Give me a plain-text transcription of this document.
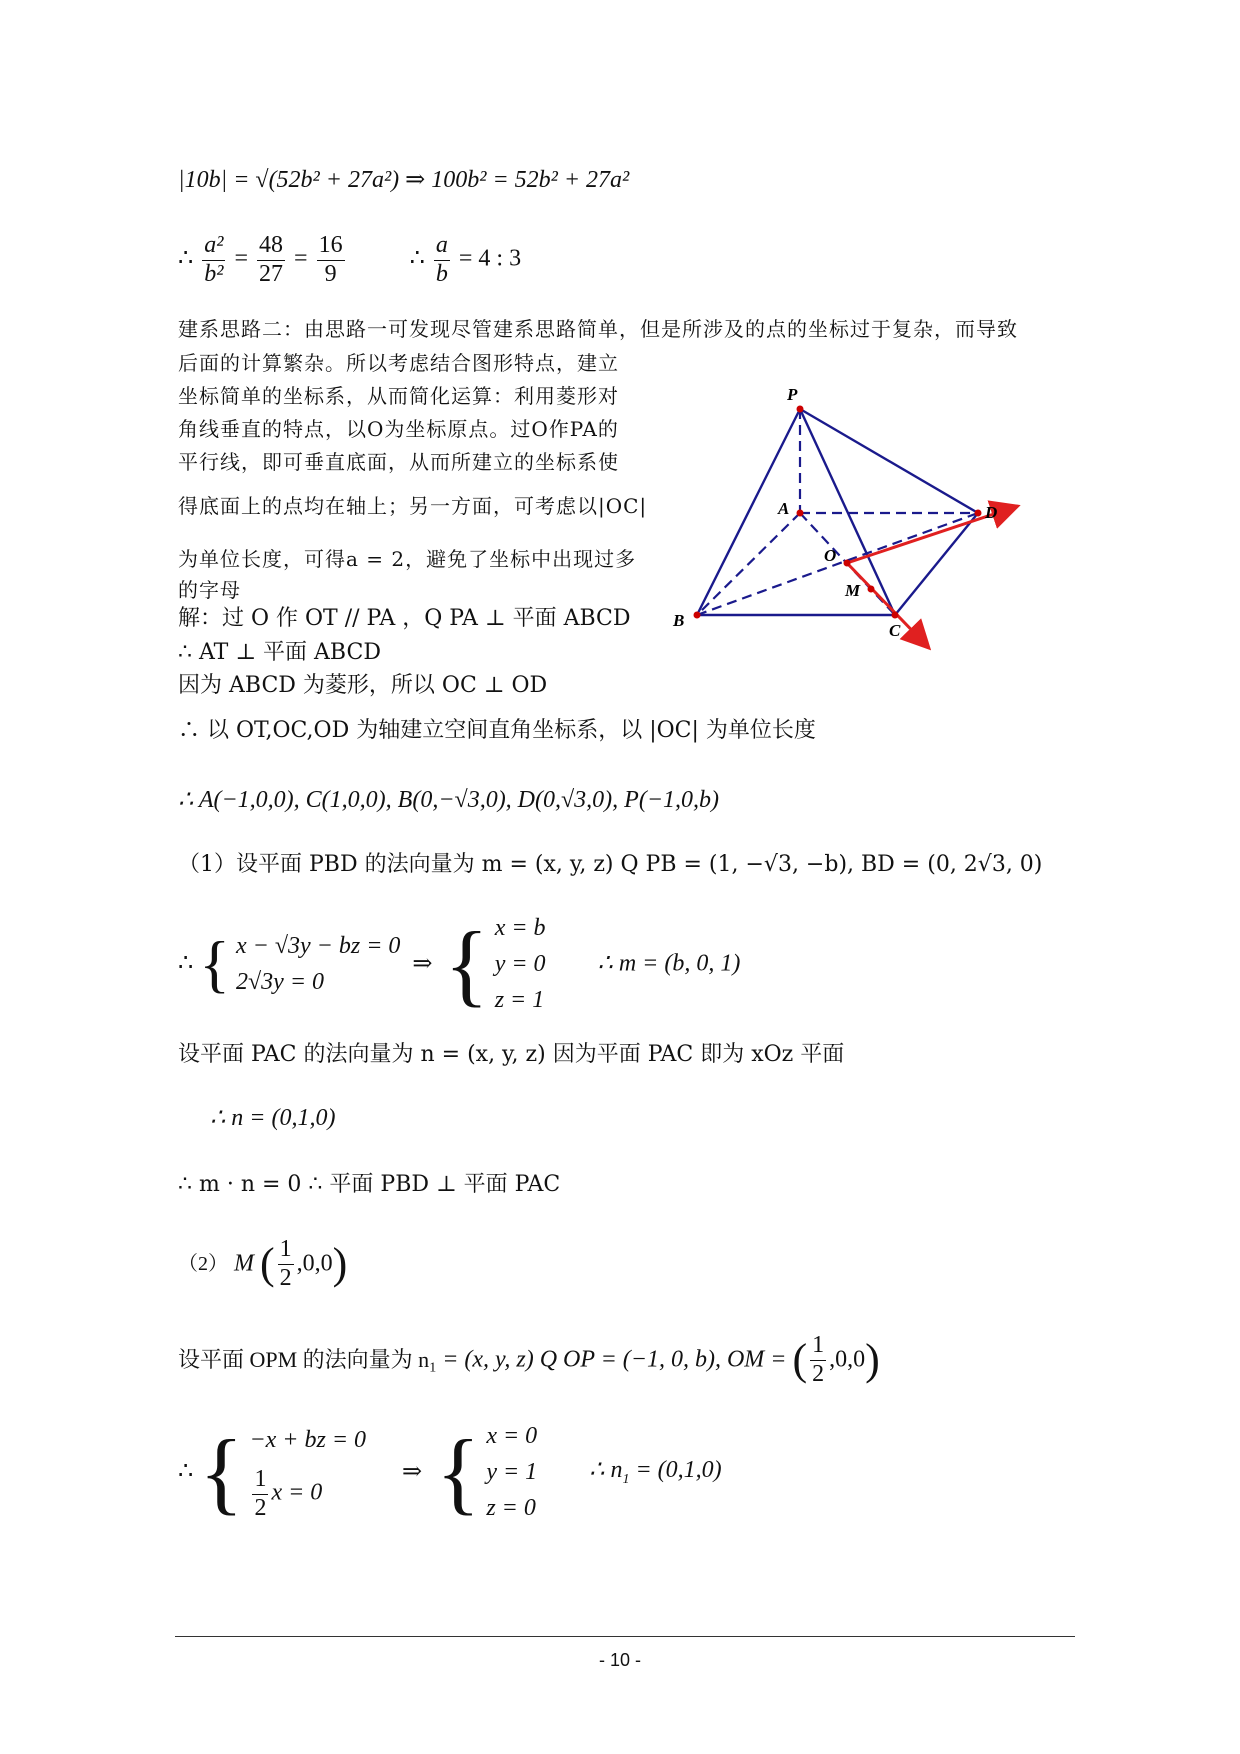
|10b| = √(52b² + 27a²) ⇒ 100b² = 52b² + 27a²
∴ $\frac{\text{a²}}{\text{b²}} = \frac{48}{27} = \frac{16}{9}$	∴ $\frac{a}{b} = 4$ : 3
建系思路二：由思路一可发现尽管建系思路简单，但是所涉及的点的坐标过于复杂，而导致
后面的计算繁杂。所以考虑结合图形特点，建立
坐标简单的坐标系，从而简化运算：利用菱形对
角线垂直的特点，以O为坐标原点。过O作PA的
平行线，即可垂直底面，从而所建立的坐标系使
得底面上的点均在轴上；另一方面，可考虑以|OC|
为单位长度，可得a = 2，避免了坐标中出现过多
的字母
解：过 O 作 OT // PA ，Q PA ⊥ 平面 ABCD
∴ AT ⊥ 平面 ABCD
因为 ABCD 为菱形，所以 OC ⊥ OD
∴ 以 OT,OC,OD 为轴建立空间直角坐标系，以 |OC| 为单位长度
∴ A(−1,0,0), C(1,0,0), B(0,−√3,0), D(0,√3,0), P(−1,0,b)
（1）设平面 PBD 的法向量为 m = (x, y, z) Q PB = (1, −√3, −b), BD = (0, 2√3, 0)
∴ { x − √3y − bz = 0
2√3y = 0
⇒ { x = b
y = 0
z = 1
∴ m = (b, 0, 1)
设平面 PAC 的法向量为 n = (x, y, z) 因为平面 PAC 即为 xOz 平面
∴ n = (0,1,0)
∴ m · n = 0 ∴ 平面 PBD ⊥ 平面 PAC
（2） M ( $\frac{1}{2} ,0,0$)
设平面 OPM 的法向量为 $n_1 = (x$, y, z) Q OP = (−1, 0, b), OM = ( $\frac{1}{2} ,0,0$)
∴ { −x + bz = 0
$\frac{1}{2}$ x = 0
⇒ { x = 0
y = 1
z = 0
∴ $n_1 = (0,1,0)$
P
A	D
O
M
B
C
- 10 -
